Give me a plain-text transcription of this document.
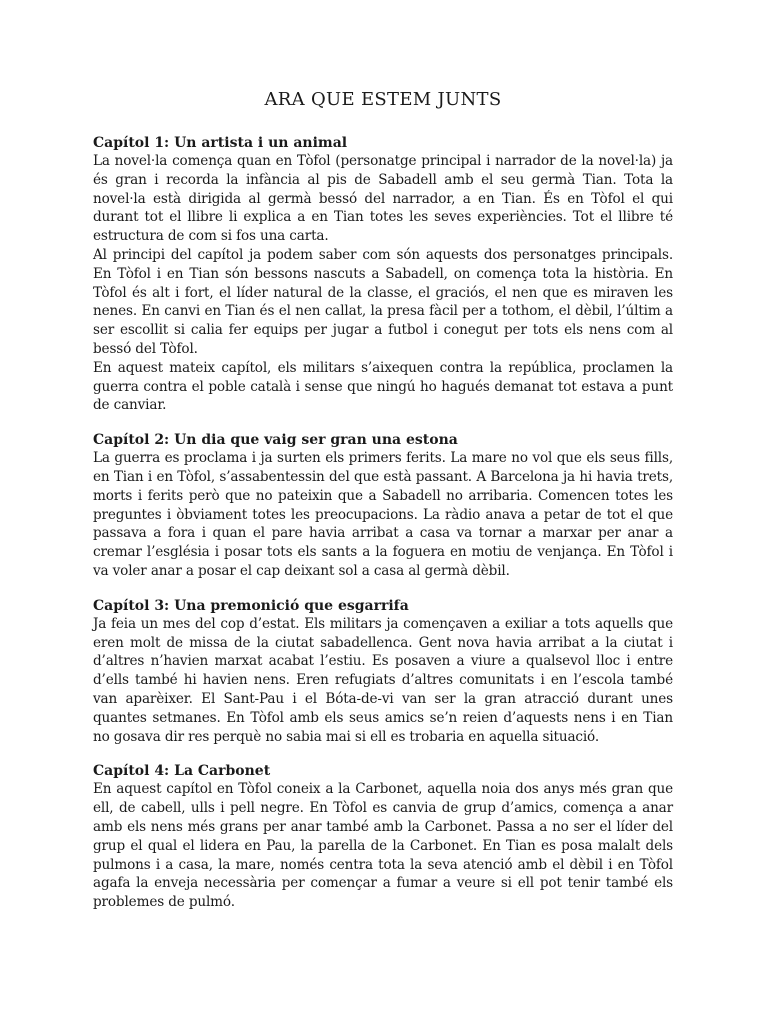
ARA QUE ESTEM JUNTS
Capítol 1: Un artista i un animal

La novel·la comença quan en Tòfol (personatge principal i narrador de la novel·la) ja és gran i recorda la infància al pis de Sabadell amb el seu germà Tian. Tota la novel·la està dirigida al germà bessó del narrador, a en Tian. És en Tòfol el qui durant tot el llibre li explica a en Tian totes les seves experiències. Tot el llibre té estructura de com si fos una carta.

Al principi del capítol ja podem saber com són aquests dos personatges principals. En Tòfol i en Tian són bessons nascuts a Sabadell, on comença tota la història. En Tòfol és alt i fort, el líder natural de la classe, el graciós, el nen que es miraven les nenes. En canvi en Tian és el nen callat, la presa fàcil per a tothom, el dèbil, l’últim a ser escollit si calia fer equips per jugar a futbol i conegut per tots els nens com al bessó del Tòfol.

En aquest mateix capítol, els militars s’aixequen contra la república, proclamen la guerra contra el poble català i sense que ningú ho hagués demanat tot estava a punt de canviar.

Capítol 2: Un dia que vaig ser gran una estona

La guerra es proclama i ja surten els primers ferits. La mare no vol que els seus fills, en Tian i en Tòfol, s’assabentessin del que està passant. A Barcelona ja hi havia trets, morts i ferits però que no pateixin que a Sabadell no arribaria. Comencen totes les preguntes i òbviament totes les preocupacions. La ràdio anava a petar de tot el que passava a fora i quan el pare havia arribat a casa va tornar a marxar per anar a cremar l’església i posar tots els sants a la foguera en motiu de venjança. En Tòfol i va voler anar a posar el cap deixant sol a casa al germà dèbil.

Capítol 3: Una premonició que esgarrifa

Ja feia un mes del cop d’estat. Els militars ja començaven a exiliar a tots aquells que eren molt de missa de la ciutat sabadellenca. Gent nova havia arribat a la ciutat i d’altres n’havien marxat acabat l’estiu. Es posaven a viure a qualsevol lloc i entre d’ells també hi havien nens. Eren refugiats d’altres comunitats i en l’escola també van aparèixer. El Sant-Pau i el Bóta-de-vi van ser la gran atracció durant unes quantes setmanes. En Tòfol amb els seus amics se’n reien d’aquests nens i en Tian no gosava dir res perquè no sabia mai si ell es trobaria en aquella situació.

Capítol 4: La Carbonet

En aquest capítol en Tòfol coneix a la Carbonet, aquella noia dos anys més gran que ell, de cabell, ulls i pell negre. En Tòfol es canvia de grup d’amics, comença a anar amb els nens més grans per anar també amb la Carbonet. Passa a no ser el líder del grup el qual el lidera en Pau, la parella de la Carbonet. En Tian es posa malalt dels pulmons i a casa, la mare, només centra tota la seva atenció amb el dèbil i en Tòfol agafa la enveja necessària per començar a fumar a veure si ell pot tenir també els problemes de pulmó.
